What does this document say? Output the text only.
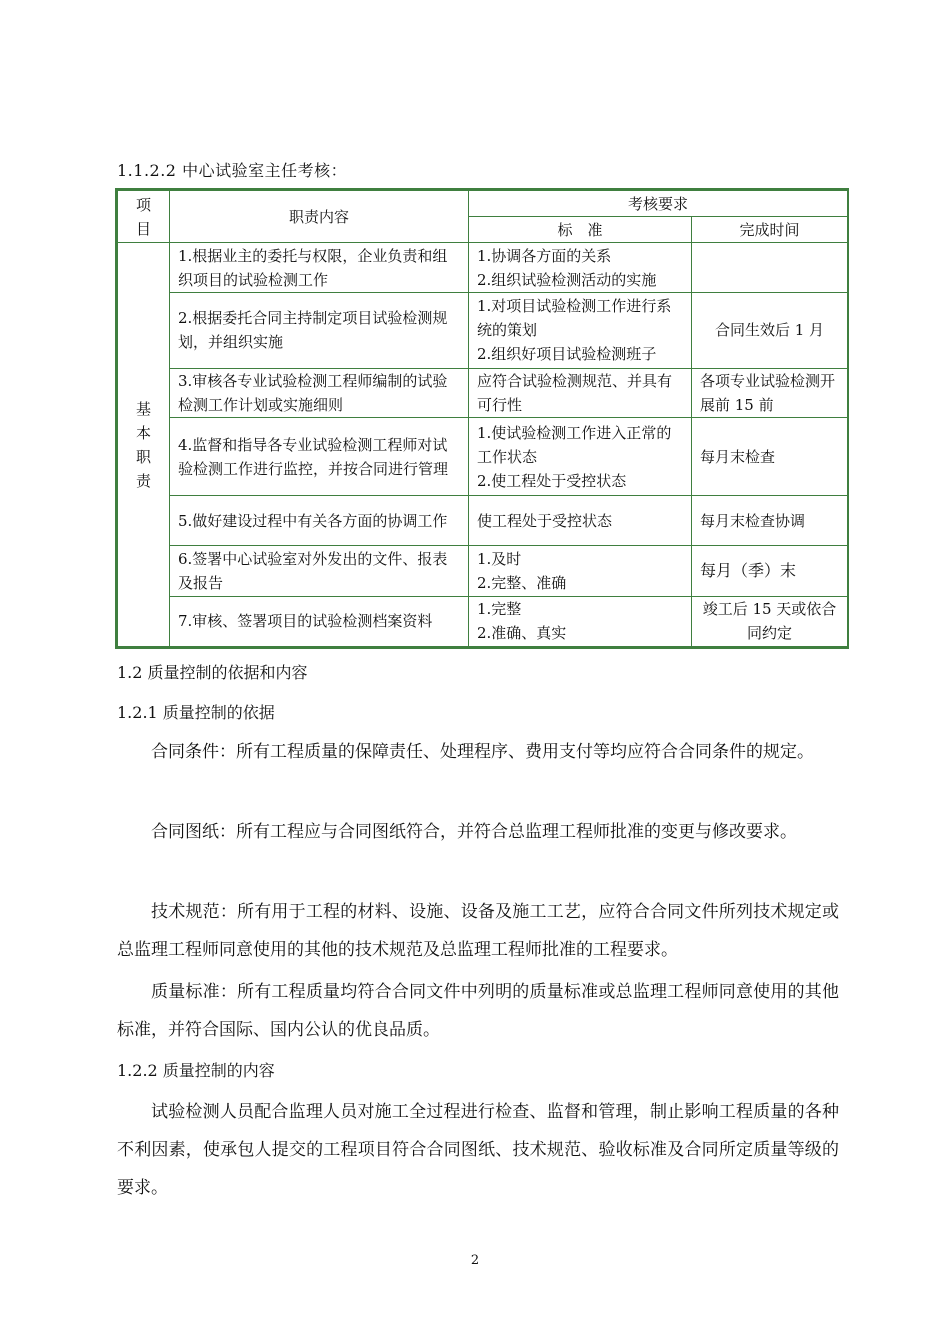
1.1.2.2 中心试验室主任考核：
项
目	职责内容	考核要求	
		标　准	完成时间

基
本
职
责	1.根据业主的委托与权限，企业负责和组织项目的试验检测工作	1.协调各方面的关系
2.组织试验检测活动的实施	

	2.根据委托合同主持制定项目试验检测规划，并组织实施	1.对项目试验检测工作进行系统的策划
2.组织好项目试验检测班子	合同生效后 1 月
	3.审核各专业试验检测工程师编制的试验检测工作计划或实施细则	应符合试验检测规范、并具有可行性	各项专业试验检测开展前 15 前
	4.监督和指导各专业试验检测工程师对试验检测工作进行监控，并按合同进行管理	1.使试验检测工作进入正常的工作状态
2.使工程处于受控状态	每月末检查
	5.做好建设过程中有关各方面的协调工作	使工程处于受控状态	每月末检查协调
	6.签署中心试验室对外发出的文件、报表及报告	1.及时
2.完整、准确	每月（季）末
	7.审核、签署项目的试验检测档案资料	1.完整
2.准确、真实	竣工后 15 天或依合同约定
1.2 质量控制的依据和内容
1.2.1 质量控制的依据
合同条件：所有工程质量的保障责任、处理程序、费用支付等均应符合合同条件的规定。
合同图纸：所有工程应与合同图纸符合，并符合总监理工程师批准的变更与修改要求。
技术规范：所有用于工程的材料、设施、设备及施工工艺，应符合合同文件所列技术规定或总监理工程师同意使用的其他的技术规范及总监理工程师批准的工程要求。
质量标准：所有工程质量均符合合同文件中列明的质量标准或总监理工程师同意使用的其他标准，并符合国际、国内公认的优良品质。
1.2.2 质量控制的内容
试验检测人员配合监理人员对施工全过程进行检查、监督和管理，制止影响工程质量的各种不利因素，使承包人提交的工程项目符合合同图纸、技术规范、验收标准及合同所定质量等级的要求。
2
